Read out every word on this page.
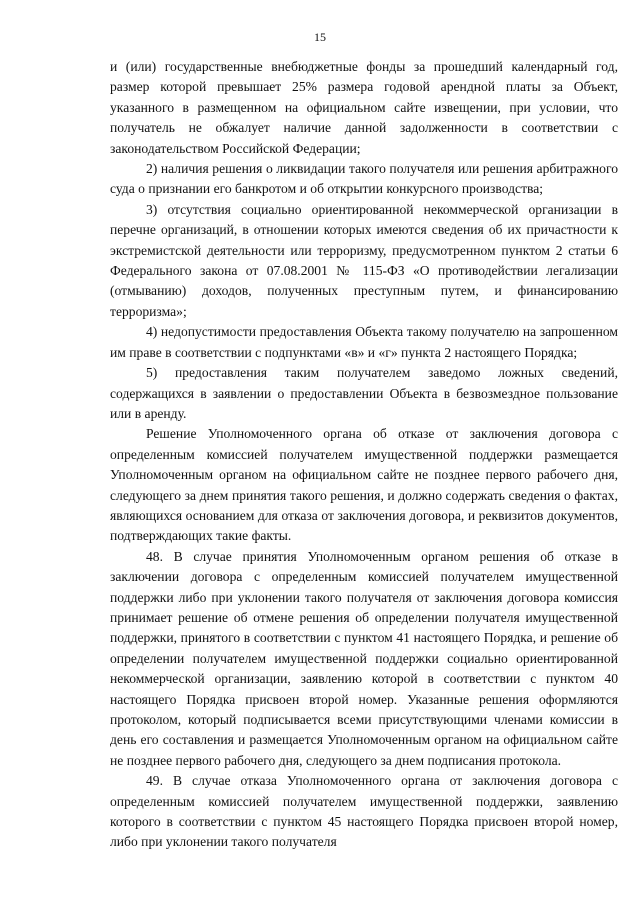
15

и (или) государственные внебюджетные фонды за прошедший календарный год, размер которой превышает 25% размера годовой арендной платы за Объект, указанного в размещенном на официальном сайте извещении, при условии, что получатель не обжалует наличие данной задолженности в соответствии с законодательством Российской Федерации;

2) наличия решения о ликвидации такого получателя или решения арбитражного суда о признании его банкротом и об открытии конкурсного производства;

3) отсутствия социально ориентированной некоммерческой организации в перечне организаций, в отношении которых имеются сведения об их причастности к экстремистской деятельности или терроризму, предусмотренном пунктом 2 статьи 6 Федерального закона от 07.08.2001 № 115-ФЗ «О противодействии легализации (отмыванию) доходов, полученных преступным путем, и финансированию терроризма»;

4) недопустимости предоставления Объекта такому получателю на запрошенном им праве в соответствии с подпунктами «в» и «г» пункта 2 настоящего Порядка;

5) предоставления таким получателем заведомо ложных сведений, содержащихся в заявлении о предоставлении Объекта в безвозмездное пользование или в аренду.

Решение Уполномоченного органа об отказе от заключения договора с определенным комиссией получателем имущественной поддержки размещается Уполномоченным органом на официальном сайте не позднее первого рабочего дня, следующего за днем принятия такого решения, и должно содержать сведения о фактах, являющихся основанием для отказа от заключения договора, и реквизитов документов, подтверждающих такие факты.

48. В случае принятия Уполномоченным органом решения об отказе в заключении договора с определенным комиссией получателем имущественной поддержки либо при уклонении такого получателя от заключения договора комиссия принимает решение об отмене решения об определении получателя имущественной поддержки, принятого в соответствии с пунктом 41 настоящего Порядка, и решение об определении получателем имущественной поддержки социально ориентированной некоммерческой организации, заявлению которой в соответствии с пунктом 40 настоящего Порядка присвоен второй номер. Указанные решения оформляются протоколом, который подписывается всеми присутствующими членами комиссии в день его составления и размещается Уполномоченным органом на официальном сайте не позднее первого рабочего дня, следующего за днем подписания протокола.

49. В случае отказа Уполномоченного органа от заключения договора с определенным комиссией получателем имущественной поддержки, заявлению которого в соответствии с пунктом 45 настоящего Порядка присвоен второй номер, либо при уклонении такого получателя
